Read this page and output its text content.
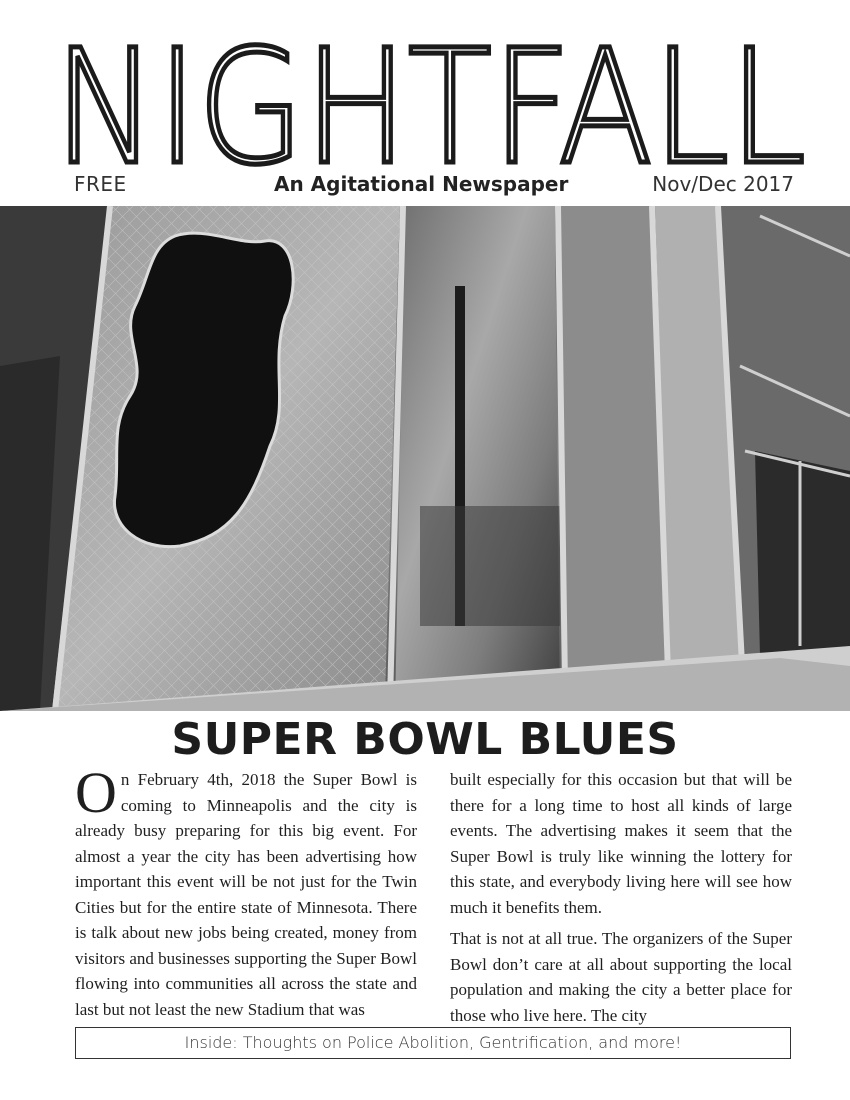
NIGHTFALL
FREE	An Agitational Newspaper	Nov/Dec 2017
SUPER BOWL BLUES

On February 4th, 2018 the Super Bowl is coming to Minneapolis and the city is already busy preparing for this big event. For almost a year the city has been advertising how important this event will be not just for the Twin Cities but for the entire state of Minnesota. There is talk about new jobs being created, money from visitors and businesses supporting the Super Bowl flowing into communities all across the state and last but not least the new Stadium that was

built especially for this occasion but that will be there for a long time to host all kinds of large events. The advertising makes it seem that the Super Bowl is truly like winning the lottery for this state, and everybody living here will see how much it benefits them.

That is not at all true. The organizers of the Super Bowl don’t care at all about supporting the local population and making the city a better place for those who live here. The city

Inside: Thoughts on Police Abolition, Gentrification, and more!
